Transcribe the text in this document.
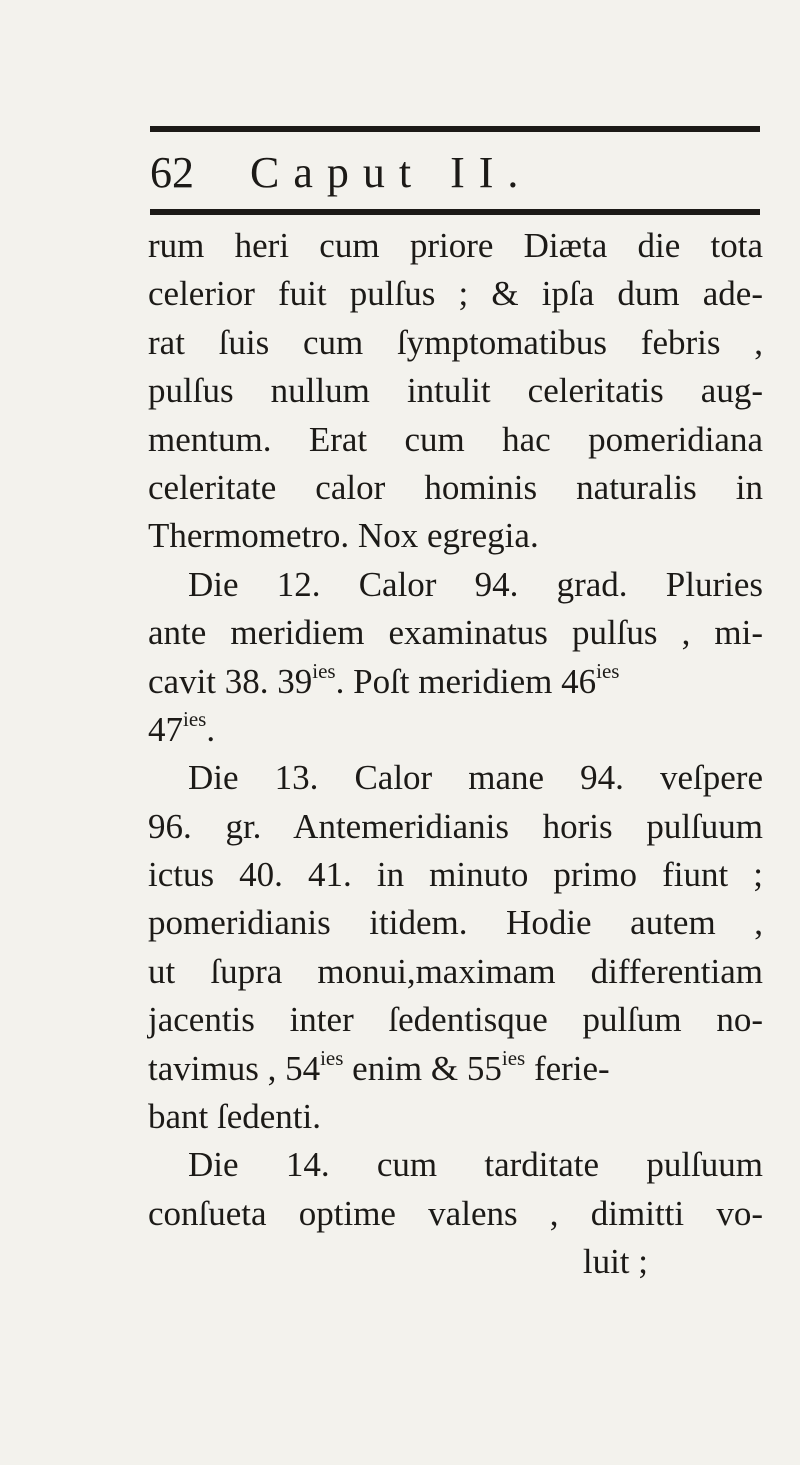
62 Caput II.
rum heri cum priore Diæta die tota
celerior fuit pulſus ; & ipſa dum ade-
rat ſuis cum ſymptomatibus febris ,
pulſus nullum intulit celeritatis aug-
mentum. Erat cum hac pomeridiana
celeritate calor hominis naturalis in
Thermometro. Nox egregia.
Die 12. Calor 94. grad. Pluries
ante meridiem examinatus pulſus , mi-
cavit 38. $39^{ies}$. Poſt meridiem $46^{ies}$
$47^{ies}$.
Die 13. Calor mane 94. veſpere
96. gr. Antemeridianis horis pulſuum
ictus 40. 41. in minuto primo fiunt ;
pomeridianis itidem. Hodie autem ,
ut ſupra monui,maximam differentiam
jacentis inter ſedentisque pulſum no-
tavimus , $54^{ies}$ enim & $55^{ies}$ ferie-
bant ſedenti.
Die 14. cum tarditate pulſuum
conſueta optime valens , dimitti vo-
luit ;
